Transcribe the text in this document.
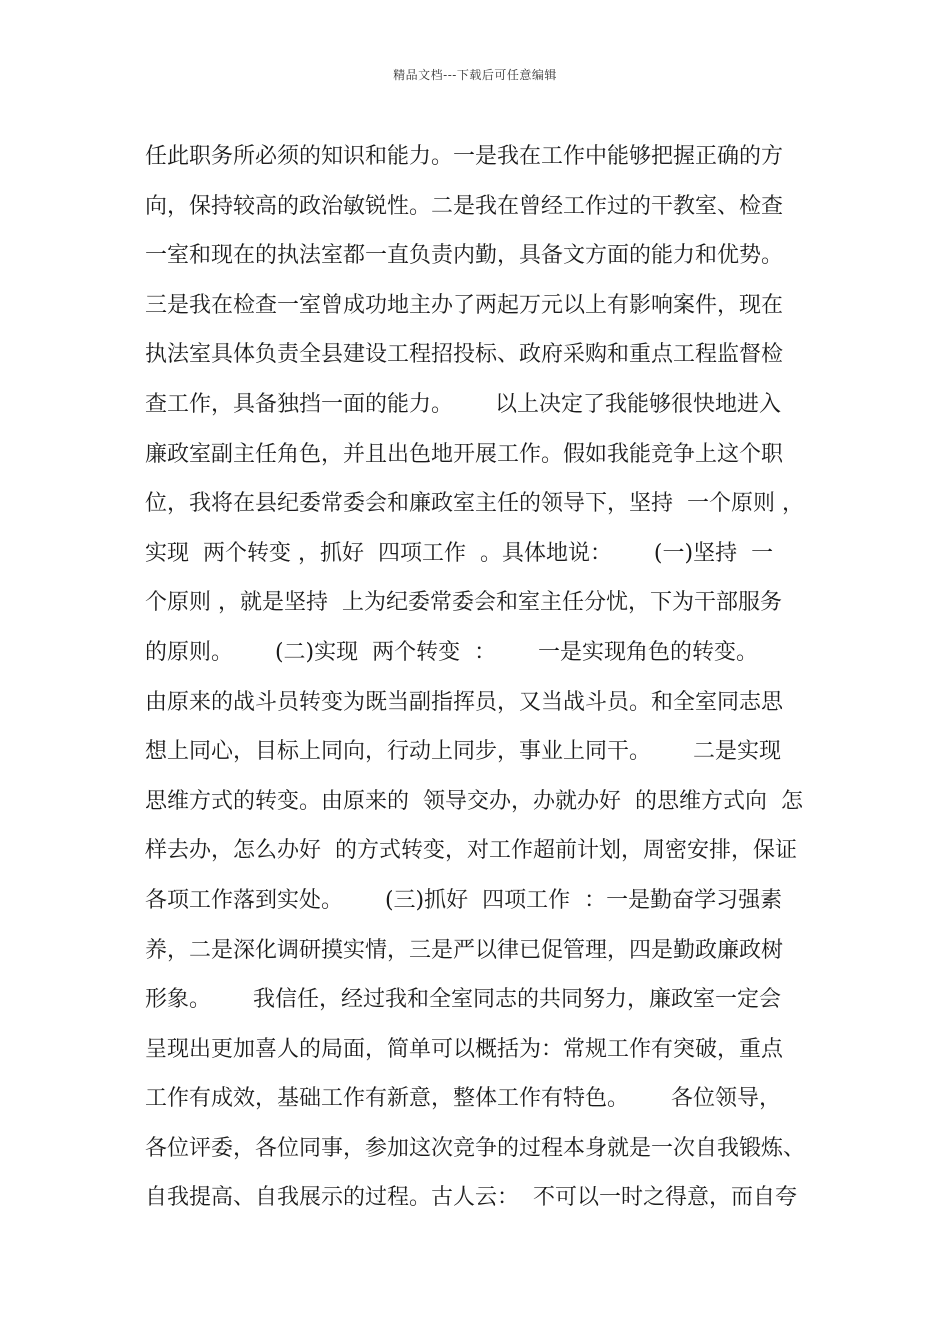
精品文档---下载后可任意编辑
任此职务所必须的知识和能力。一是我在工作中能够把握正确的方
向，保持较高的政治敏锐性。二是我在曾经工作过的干教室、检查
一室和现在的执法室都一直负责内勤，具备文方面的能力和优势。
三是我在检查一室曾成功地主办了两起万元以上有影响案件，现在
执法室具体负责全县建设工程招投标、政府采购和重点工程监督检
查工作，具备独挡一面的能力。      以上决定了我能够很快地进入
廉政室副主任角色，并且出色地开展工作。假如我能竞争上这个职
位，我将在县纪委常委会和廉政室主任的领导下，坚持  一个原则 ，
实现  两个转变 ，抓好  四项工作  。具体地说：      (一)坚持  一
个原则 ，就是坚持  上为纪委常委会和室主任分忧，下为干部服务
的原则。      (二)实现  两个转变  ：      一是实现角色的转变。
由原来的战斗员转变为既当副指挥员，又当战斗员。和全室同志思
想上同心，目标上同向，行动上同步，事业上同干。      二是实现
思维方式的转变。由原来的  领导交办，办就办好  的思维方式向  怎
样去办，怎么办好  的方式转变，对工作超前计划，周密安排，保证
各项工作落到实处。      (三)抓好  四项工作  ：一是勤奋学习强素
养，二是深化调研摸实情，三是严以律已促管理，四是勤政廉政树
形象。      我信任，经过我和全室同志的共同努力，廉政室一定会
呈现出更加喜人的局面，简单可以概括为：常规工作有突破，重点
工作有成效，基础工作有新意，整体工作有特色。      各位领导，
各位评委，各位同事，参加这次竞争的过程本身就是一次自我锻炼、
自我提高、自我展示的过程。古人云：  不可以一时之得意，而自夸
